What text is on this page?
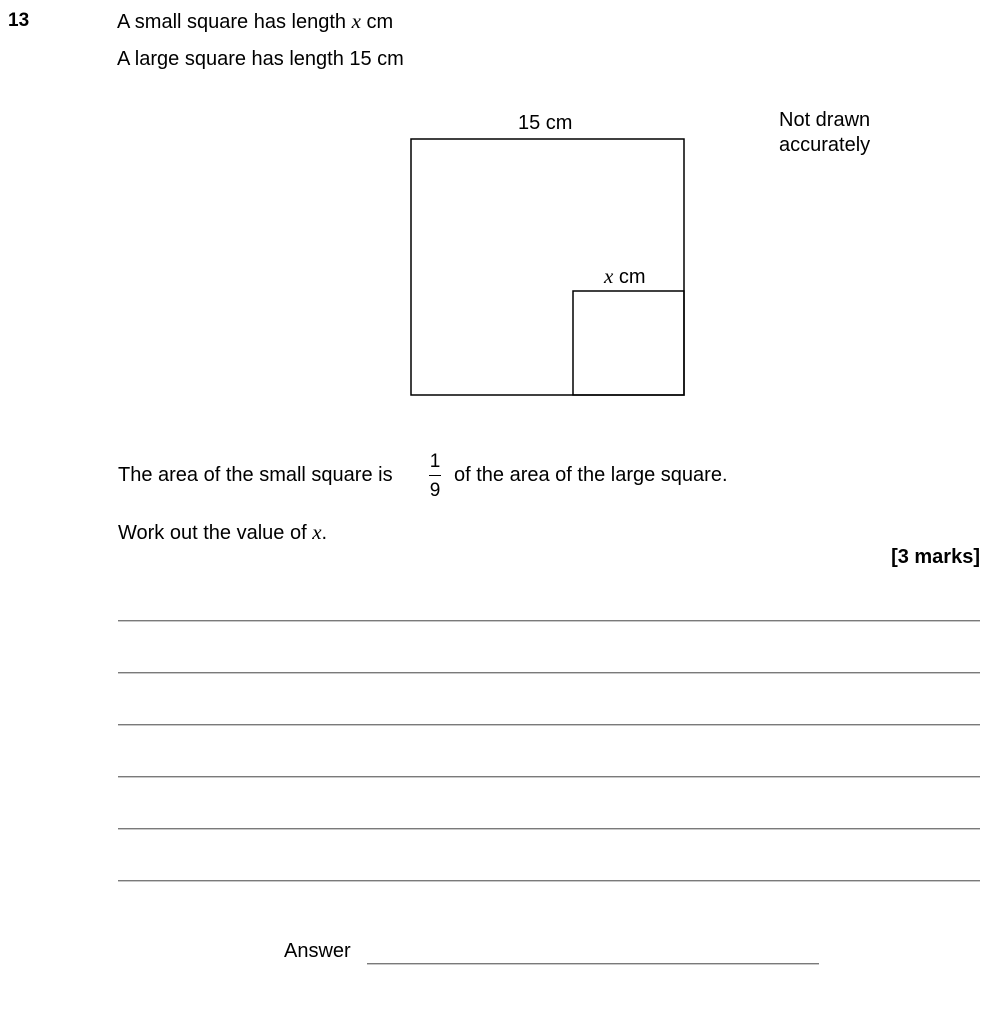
13	A small square has length x cm
A large square has length 15 cm
15 cm
x cm
Not drawn
accurately
The area of the small square is
1
9
of the area of the large square.
Work out the value of x.
[3 marks]
Answer
